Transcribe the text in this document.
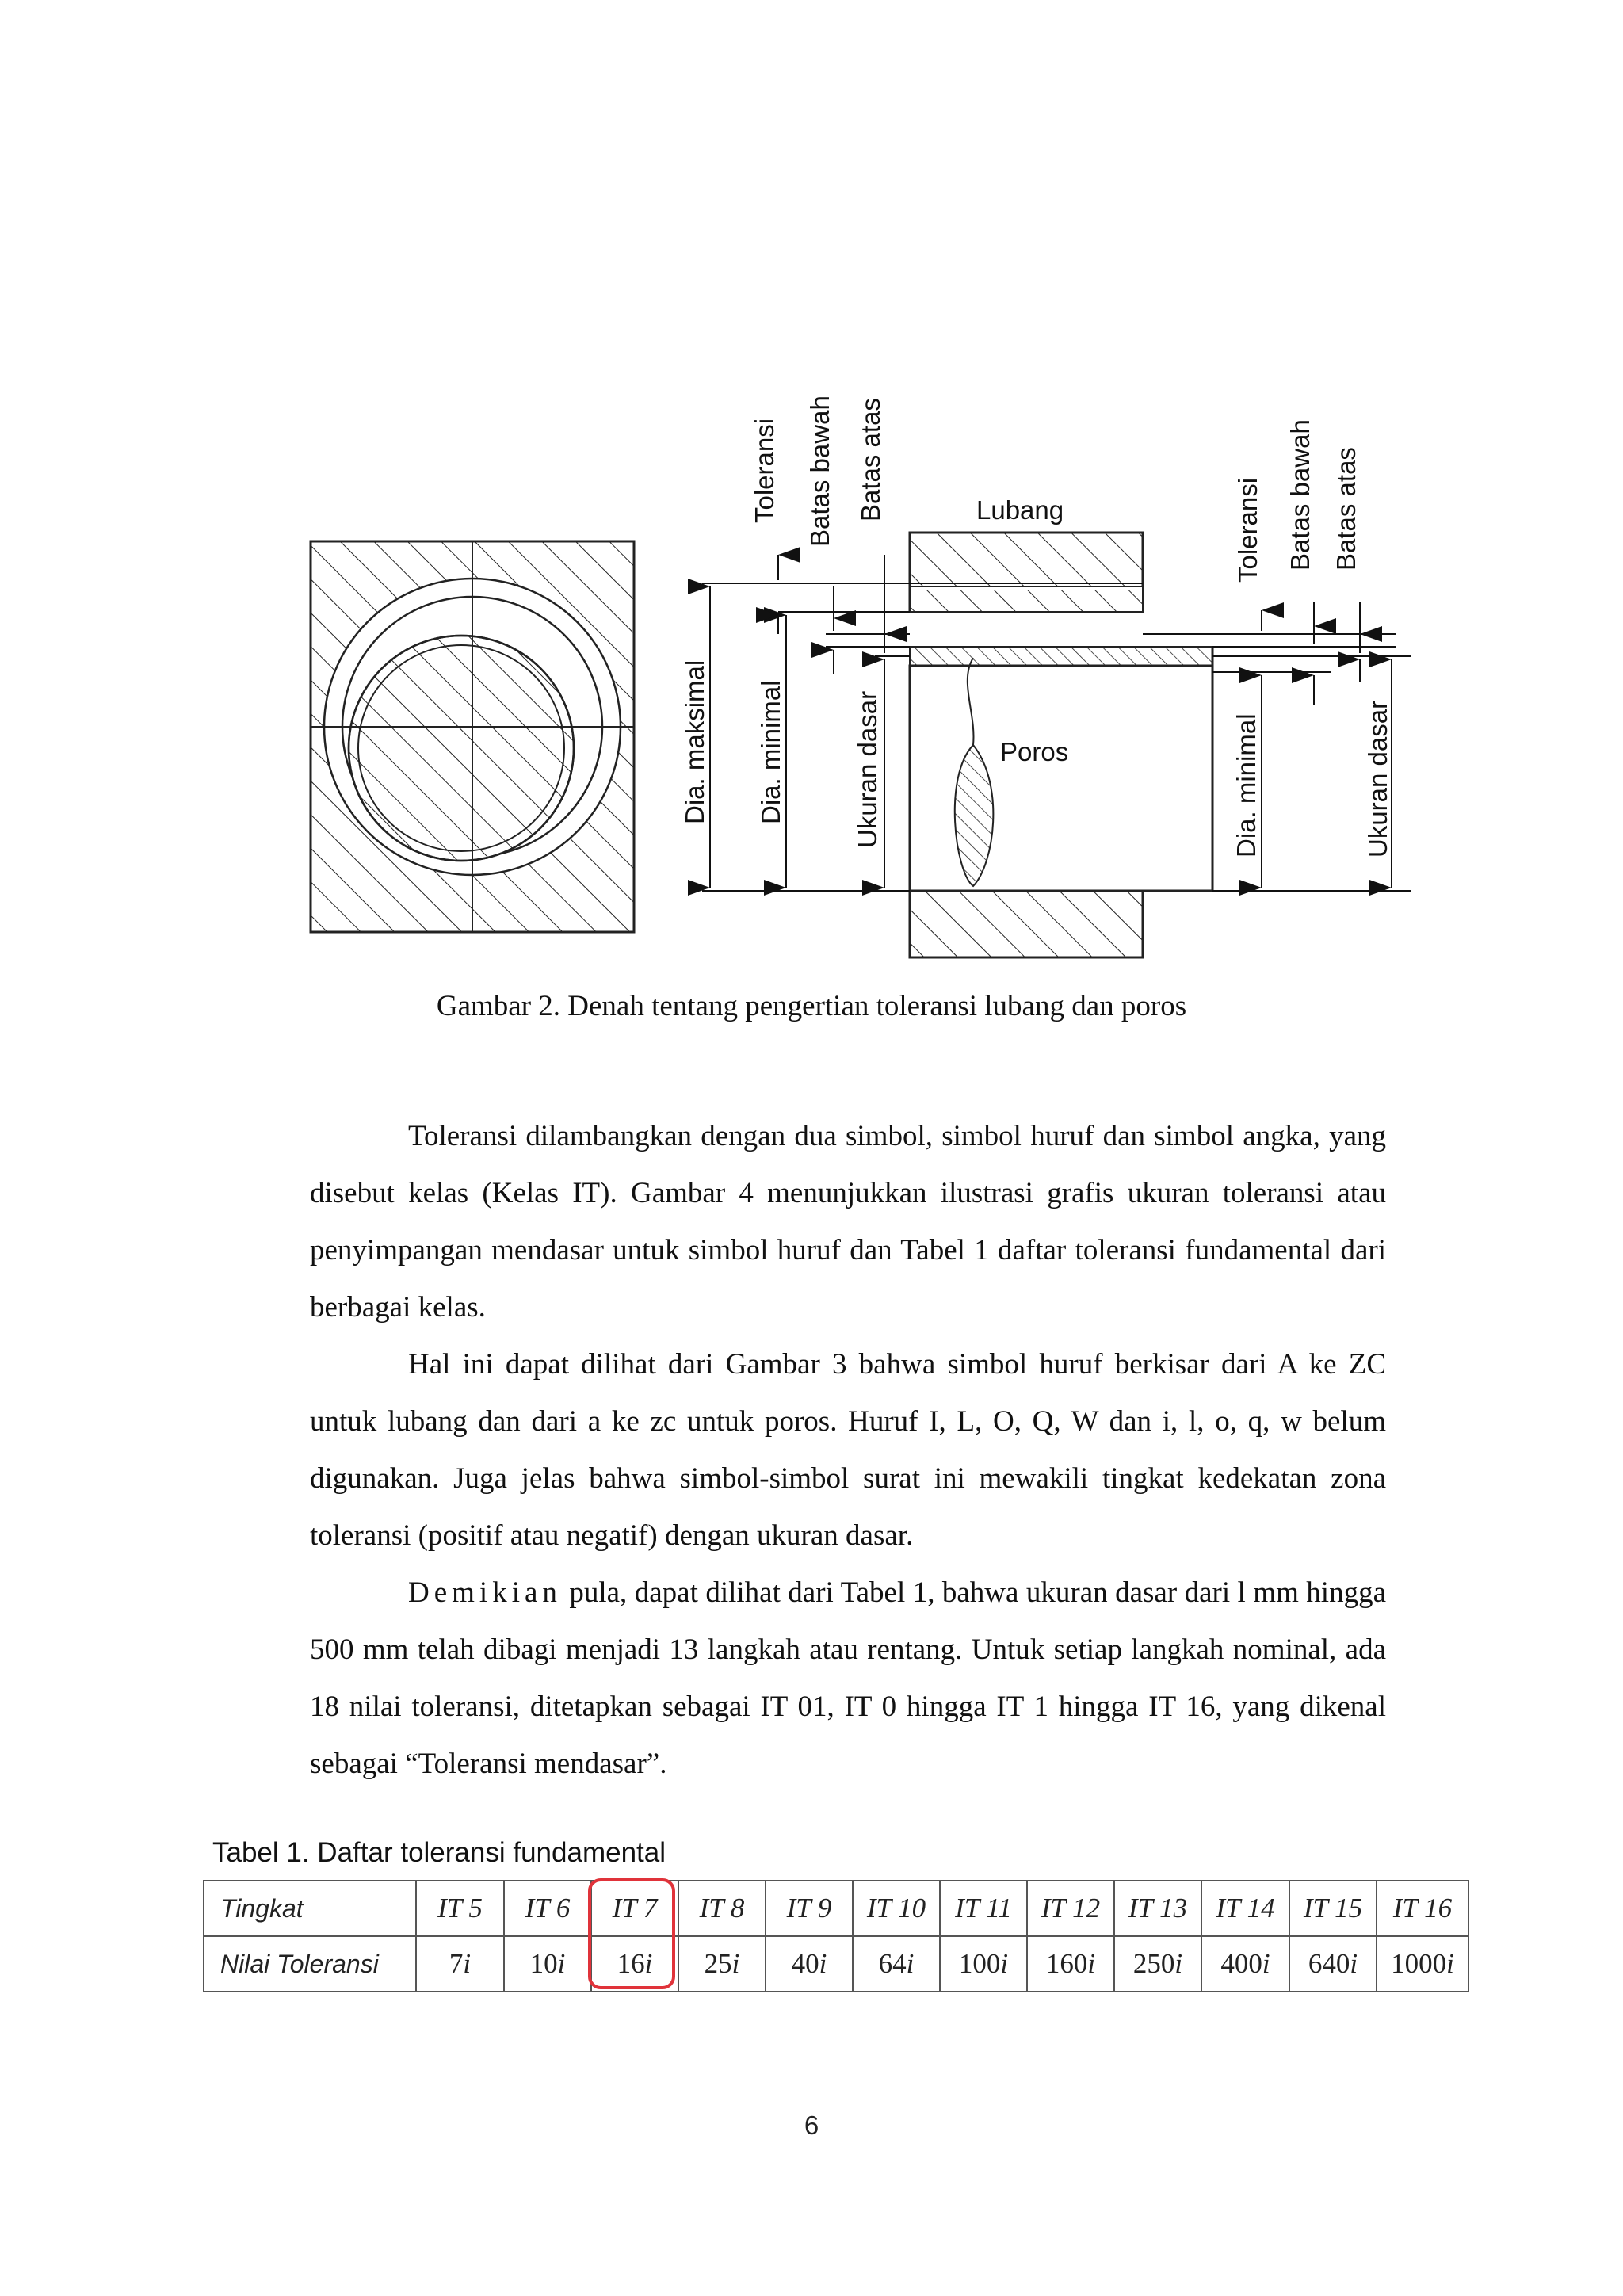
Toleransi Batas bawah Batas atas	Lubang	Toleransi Batas bawah Batas atas
Dia. maksimal Dia. minimal	Ukuran dasar	Poros	Dia. minimal	Ukuran dasar
Gambar 2. Denah tentang pengertian toleransi lubang dan poros

Toleransi dilambangkan dengan dua simbol, simbol huruf dan simbol angka, yang disebut kelas (Kelas IT). Gambar 4 menunjukkan ilustrasi grafis ukuran toleransi atau penyimpangan mendasar untuk simbol huruf dan Tabel 1 daftar toleransi fundamental dari berbagai kelas.

Hal ini dapat dilihat dari Gambar 3 bahwa simbol huruf berkisar dari A ke ZC untuk lubang dan dari a ke zc untuk poros. Huruf I, L, O, Q, W dan i, l, o, q, w belum digunakan. Juga jelas bahwa simbol-simbol surat ini mewakili tingkat kedekatan zona toleransi (positif atau negatif) dengan ukuran dasar.

Demikian pula, dapat dilihat dari Tabel 1, bahwa ukuran dasar dari l mm hingga 500 mm telah dibagi menjadi 13 langkah atau rentang. Untuk setiap langkah nominal, ada 18 nilai toleransi, ditetapkan sebagai IT 01, IT 0 hingga IT 1 hingga IT 16, yang dikenal sebagai “Toleransi mendasar”.

Tabel 1. Daftar toleransi fundamental
Tingkat	IT 5	IT 6	IT 7	IT 8	IT 9	IT 10	IT 11	IT 12	IT 13	IT 14	IT 15	IT 16
Nilai Toleransi	7i	10i	16i	25i	40i	64i	100i	160i	250i	400i	640i	1000i
6
